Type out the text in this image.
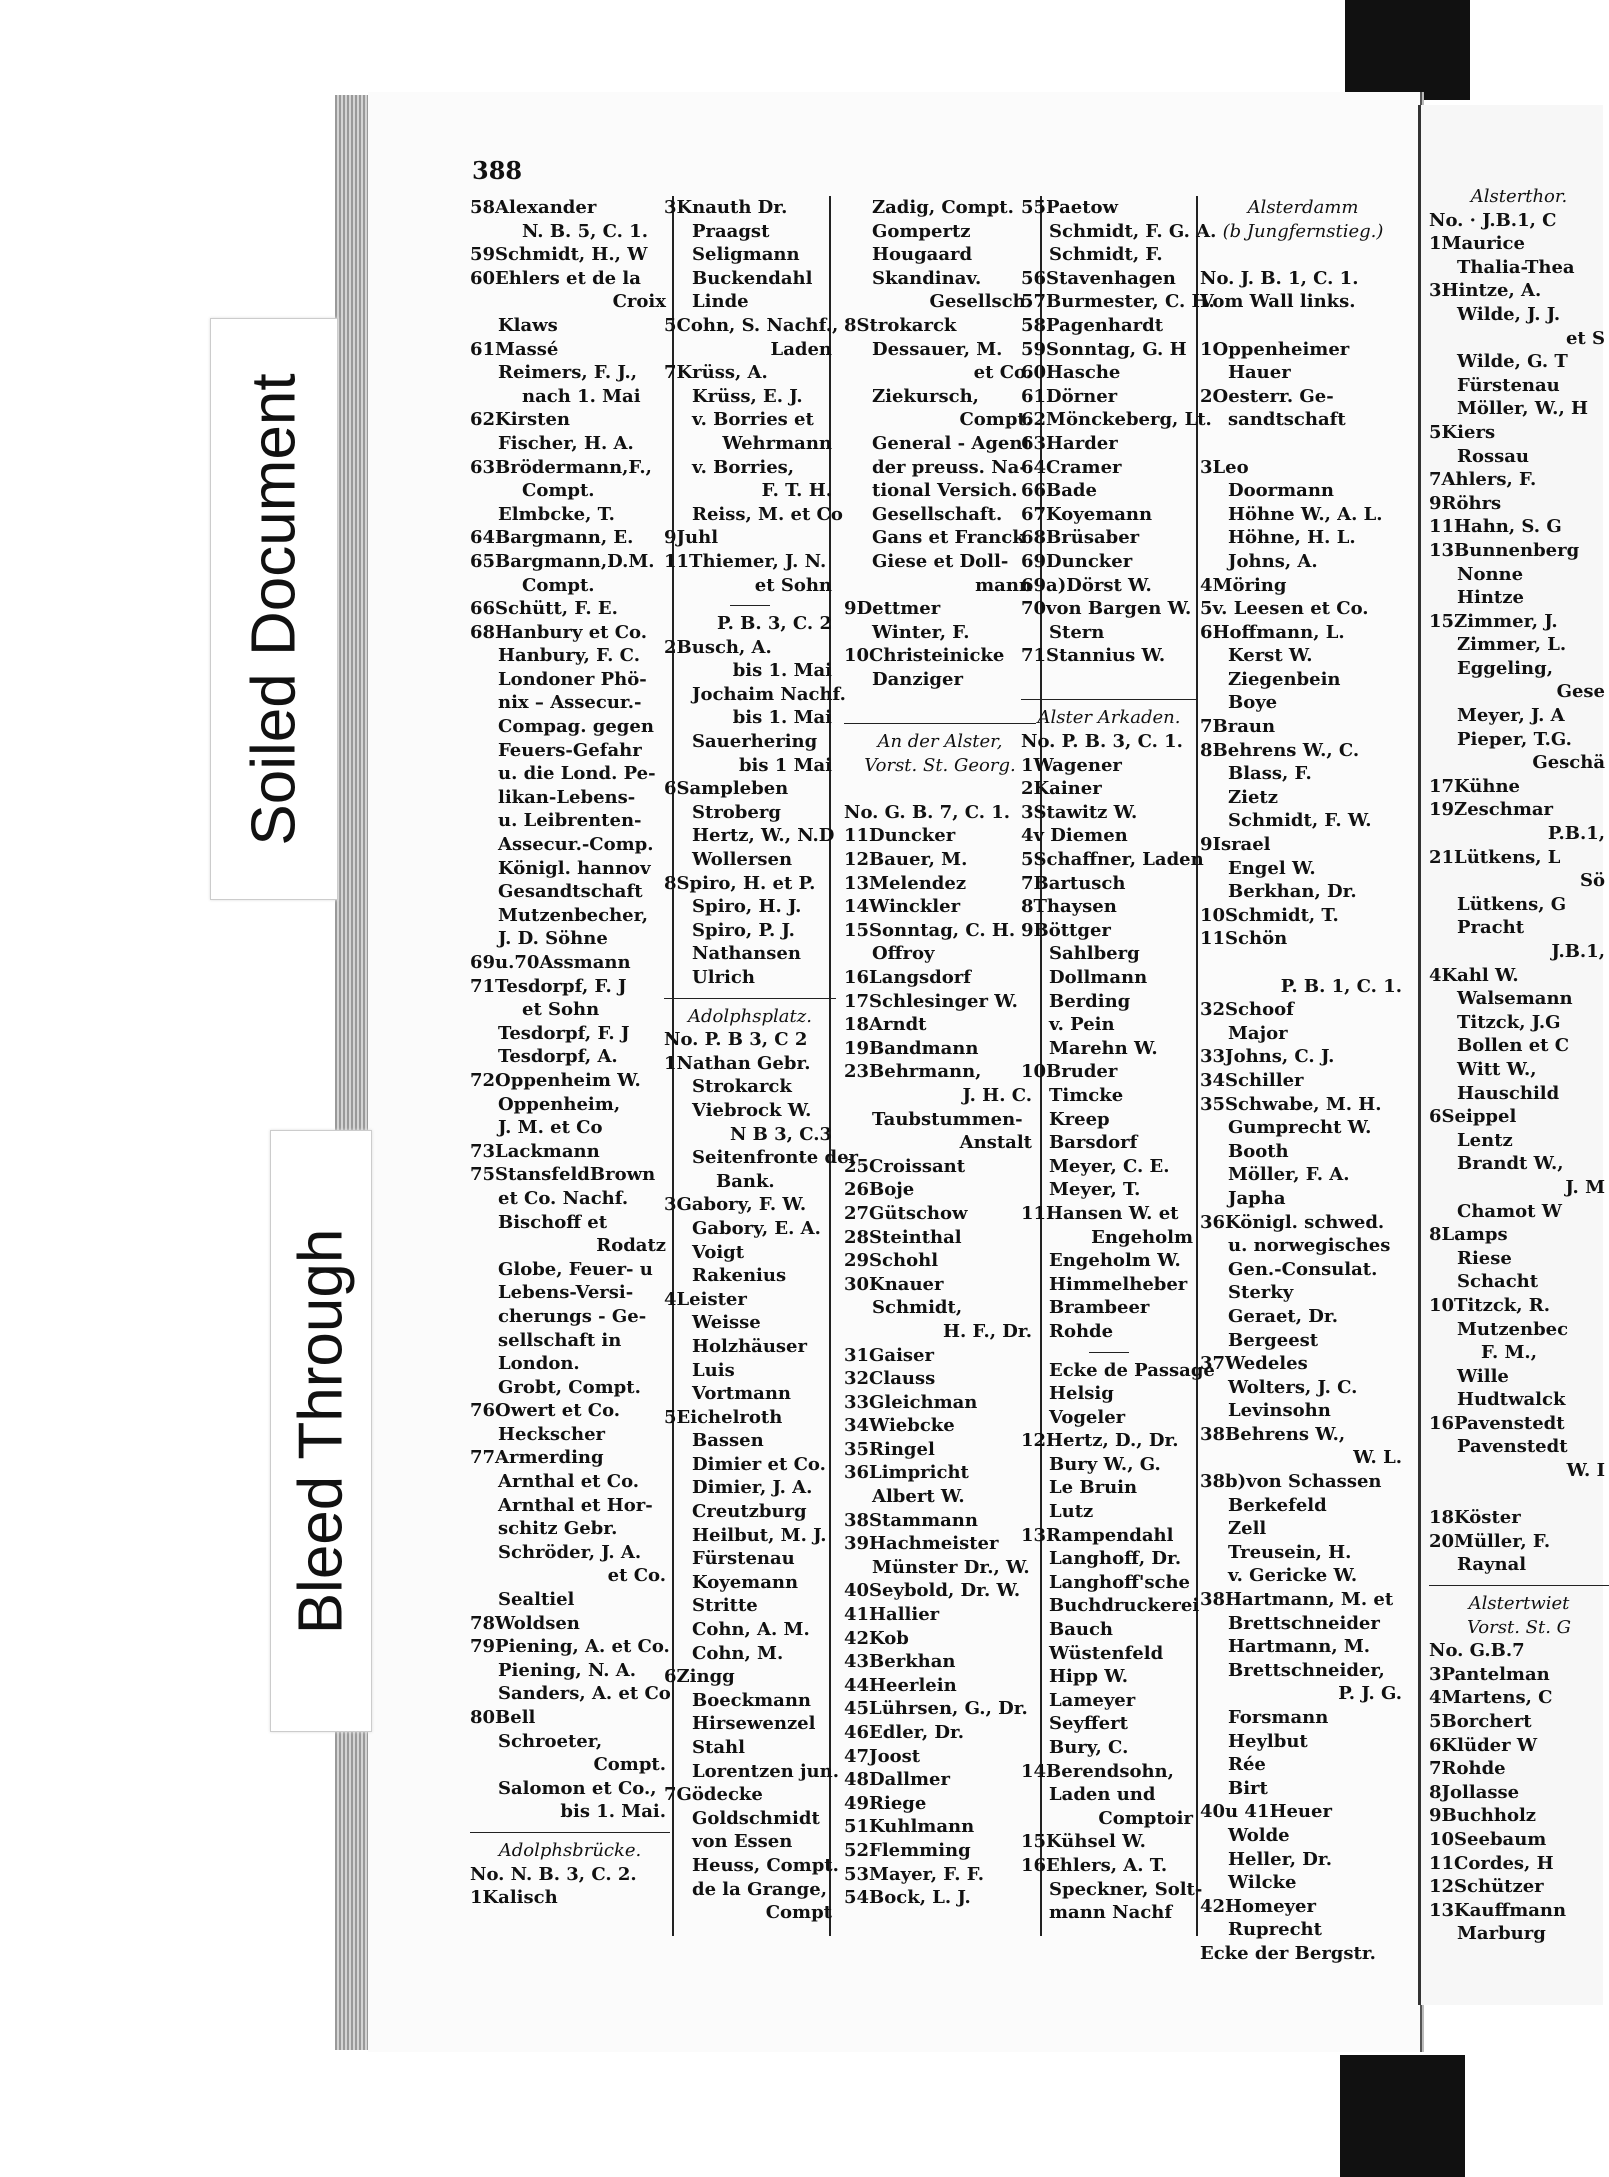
388
58Alexander
N. B. 5, C. 1.
59Schmidt, H., W
60Ehlers et de la
Croix
Klaws
61Massé
Reimers, F. J.,
nach 1. Mai
62Kirsten
Fischer, H. A.
63Brödermann,F.,
Compt.
Elmbcke, T.
64Bargmann, E.
65Bargmann,D.M.
Compt.
66Schütt, F. E.
68Hanbury et Co.
Hanbury, F. C.
Londoner Phö-
nix – Assecur.-
Compag. gegen
Feuers-Gefahr
u. die Lond. Pe-
likan-Lebens-
u. Leibrenten-
Assecur.-Comp.
Königl. hannov
Gesandtschaft
Mutzenbecher,
J. D. Söhne
69u.70Assmann
71Tesdorpf, F. J
et Sohn
Tesdorpf, F. J
Tesdorpf, A.
72Oppenheim W.
Oppenheim,
J. M. et Co
73Lackmann
75StansfeldBrown
et Co. Nachf.
Bischoff et
Rodatz
Globe, Feuer- u
Lebens-Versi-
cherungs - Ge-
sellschaft in
London.
Grobt, Compt.
76Owert et Co.
Heckscher
77Armerding
Arnthal et Co.
Arnthal et Hor-
schitz Gebr.
Schröder, J. A.
et Co.
Sealtiel
78Woldsen
79Piening, A. et Co.
Piening, N. A.
Sanders, A. et Co
80Bell
Schroeter,
Compt.
Salomon et Co.,
bis 1. Mai.
Adolphsbrücke.
No. N. B. 3, C. 2.
1Kalisch
3Knauth Dr.
Praagst
Seligmann
Buckendahl
Linde
5Cohn, S. Nachf.,
Laden
7Krüss, A.
Krüss, E. J.
v. Borries et
Wehrmann
v. Borries,
F. T. H.
Reiss, M. et Co
9Juhl
11Thiemer, J. N.
et Sohn
P. B. 3, C. 2
2Busch, A.
bis 1. Mai
Jochaim Nachf.
bis 1. Mai
Sauerhering
bis 1 Mai
6Sampleben
Stroberg
Hertz, W., N.D
Wollersen
8Spiro, H. et P.
Spiro, H. J.
Spiro, P. J.
Nathansen
Ulrich
Adolphsplatz.
No. P. B 3, C 2
1Nathan Gebr.
Strokarck
Viebrock W.
N B 3, C.3
Seitenfronte der
Bank.
3Gabory, F. W.
Gabory, E. A.
Voigt
Rakenius
4Leister
Weisse
Holzhäuser
Luis
Vortmann
5Eichelroth
Bassen
Dimier et Co.
Dimier, J. A.
Creutzburg
Heilbut, M. J.
Fürstenau
Koyemann
Stritte
Cohn, A. M.
Cohn, M.
6Zingg
Boeckmann
Hirsewenzel
Stahl
Lorentzen jun.
7Gödecke
Goldschmidt
von Essen
Heuss, Compt.
de la Grange,
Compt
Zadig, Compt.
Gompertz
Hougaard
Skandinav.
Gesellsch.
8Strokarck
Dessauer, M.
et Co.
Ziekursch,
Compt.
General - Agent
der preuss. Na-
tional Versich.
Gesellschaft.
Gans et Franck
Giese et Doll-
mann
9Dettmer
Winter, F.
10Christeinicke
Danziger
An der Alster,
Vorst. St. Georg.
No. G. B. 7, C. 1.
11Duncker
12Bauer, M.
13Melendez
14Winckler
15Sonntag, C. H.
Offroy
16Langsdorf
17Schlesinger W.
18Arndt
19Bandmann
23Behrmann,
J. H. C.
Taubstummen-
Anstalt
25Croissant
26Boje
27Gütschow
28Steinthal
29Schohl
30Knauer
Schmidt,
H. F., Dr.
31Gaiser
32Clauss
33Gleichman
34Wiebcke
35Ringel
36Limpricht
Albert W.
38Stammann
39Hachmeister
Münster Dr., W.
40Seybold, Dr. W.
41Hallier
42Kob
43Berkhan
44Heerlein
45Lührsen, G., Dr.
46Edler, Dr.
47Joost
48Dallmer
49Riege
51Kuhlmann
52Flemming
53Mayer, F. F.
54Bock, L. J.
55Paetow
Schmidt, F. G. A.
Schmidt, F.
56Stavenhagen
57Burmester, C. H.
58Pagenhardt
59Sonntag, G. H
60Hasche
61Dörner
62Mönckeberg, Lt.
63Harder
64Cramer
66Bade
67Koyemann
68Brüsaber
69Duncker
69a)Dörst W.
70von Bargen W.
Stern
71Stannius W.
Alster Arkaden.
No. P. B. 3, C. 1.
1Wagener
2Kainer
3Stawitz W.
4v Diemen
5Schaffner, Laden
7Bartusch
8Thaysen
9Böttger
Sahlberg
Dollmann
Berding
v. Pein
Marehn W.
10Bruder
Timcke
Kreep
Barsdorf
Meyer, C. E.
Meyer, T.
11Hansen W. et
Engeholm
Engeholm W.
Himmelheber
Brambeer
Rohde
Ecke de Passage
Helsig
Vogeler
12Hertz, D., Dr.
Bury W., G.
Le Bruin
Lutz
13Rampendahl
Langhoff, Dr.
Langhoff'sche
Buchdruckerei
Bauch
Wüstenfeld
Hipp W.
Lameyer
Seyffert
Bury, C.
14Berendsohn,
Laden und
Comptoir
15Kühsel W.
16Ehlers, A. T.
Speckner, Solt-
mann Nachf
Alsterdamm
(b Jungfernstieg.)
No. J. B. 1, C. 1.
Vom Wall links.
1Oppenheimer
Hauer
2Oesterr. Ge-
sandtschaft
3Leo
Doormann
Höhne W., A. L.
Höhne, H. L.
Johns, A.
4Möring
5v. Leesen et Co.
6Hoffmann, L.
Kerst W.
Ziegenbein
Boye
7Braun
8Behrens W., C.
Blass, F.
Zietz
Schmidt, F. W.
9Israel
Engel W.
Berkhan, Dr.
10Schmidt, T.
11Schön
P. B. 1, C. 1.
32Schoof
Major
33Johns, C. J.
34Schiller
35Schwabe, M. H.
Gumprecht W.
Booth
Möller, F. A.
Japha
36Königl. schwed.
u. norwegisches
Gen.-Consulat.
Sterky
Geraet, Dr.
Bergeest
37Wedeles
Wolters, J. C.
Levinsohn
38Behrens W.,
W. L.
38b)von Schassen
Berkefeld
Zell
Treusein, H.
v. Gericke W.
38Hartmann, M. et
Brettschneider
Hartmann, M.
Brettschneider,
P. J. G.
Forsmann
Heylbut
Rée
Birt
40u 41Heuer
Wolde
Heller, Dr.
Wilcke
42Homeyer
Ruprecht
Ecke der Bergstr.
Alsterthor.
No. · J.B.1, C
1Maurice
Thalia-Thea
3Hintze, A.
Wilde, J. J.
et S
Wilde, G. T
Fürstenau
Möller, W., H
5Kiers
Rossau
7Ahlers, F.
9Röhrs
11Hahn, S. G
13Bunnenberg
Nonne
Hintze
15Zimmer, J.
Zimmer, L.
Eggeling,
Gese
Meyer, J. A
Pieper, T.G.
Geschä
17Kühne
19Zeschmar
P.B.1,
21Lütkens, L
Sö
Lütkens, G
Pracht
J.B.1,
4Kahl W.
Walsemann
Titzck, J.G
Bollen et C
Witt W.,
Hauschild
6Seippel
Lentz
Brandt W.,
J. M
Chamot W
8Lamps
Riese
Schacht
10Titzck, R.
Mutzenbec
F. M.,
Wille
Hudtwalck
16Pavenstedt
Pavenstedt
W. I
18Köster
20Müller, F.
Raynal
Alstertwiet
Vorst. St. G
No. G.B.7
3Pantelman
4Martens, C
5Borchert
6Klüder W
7Rohde
8Jollasse
9Buchholz
10Seebaum
11Cordes, H
12Schützer
13Kauffmann
Marburg
Soiled Document
Bleed Through
